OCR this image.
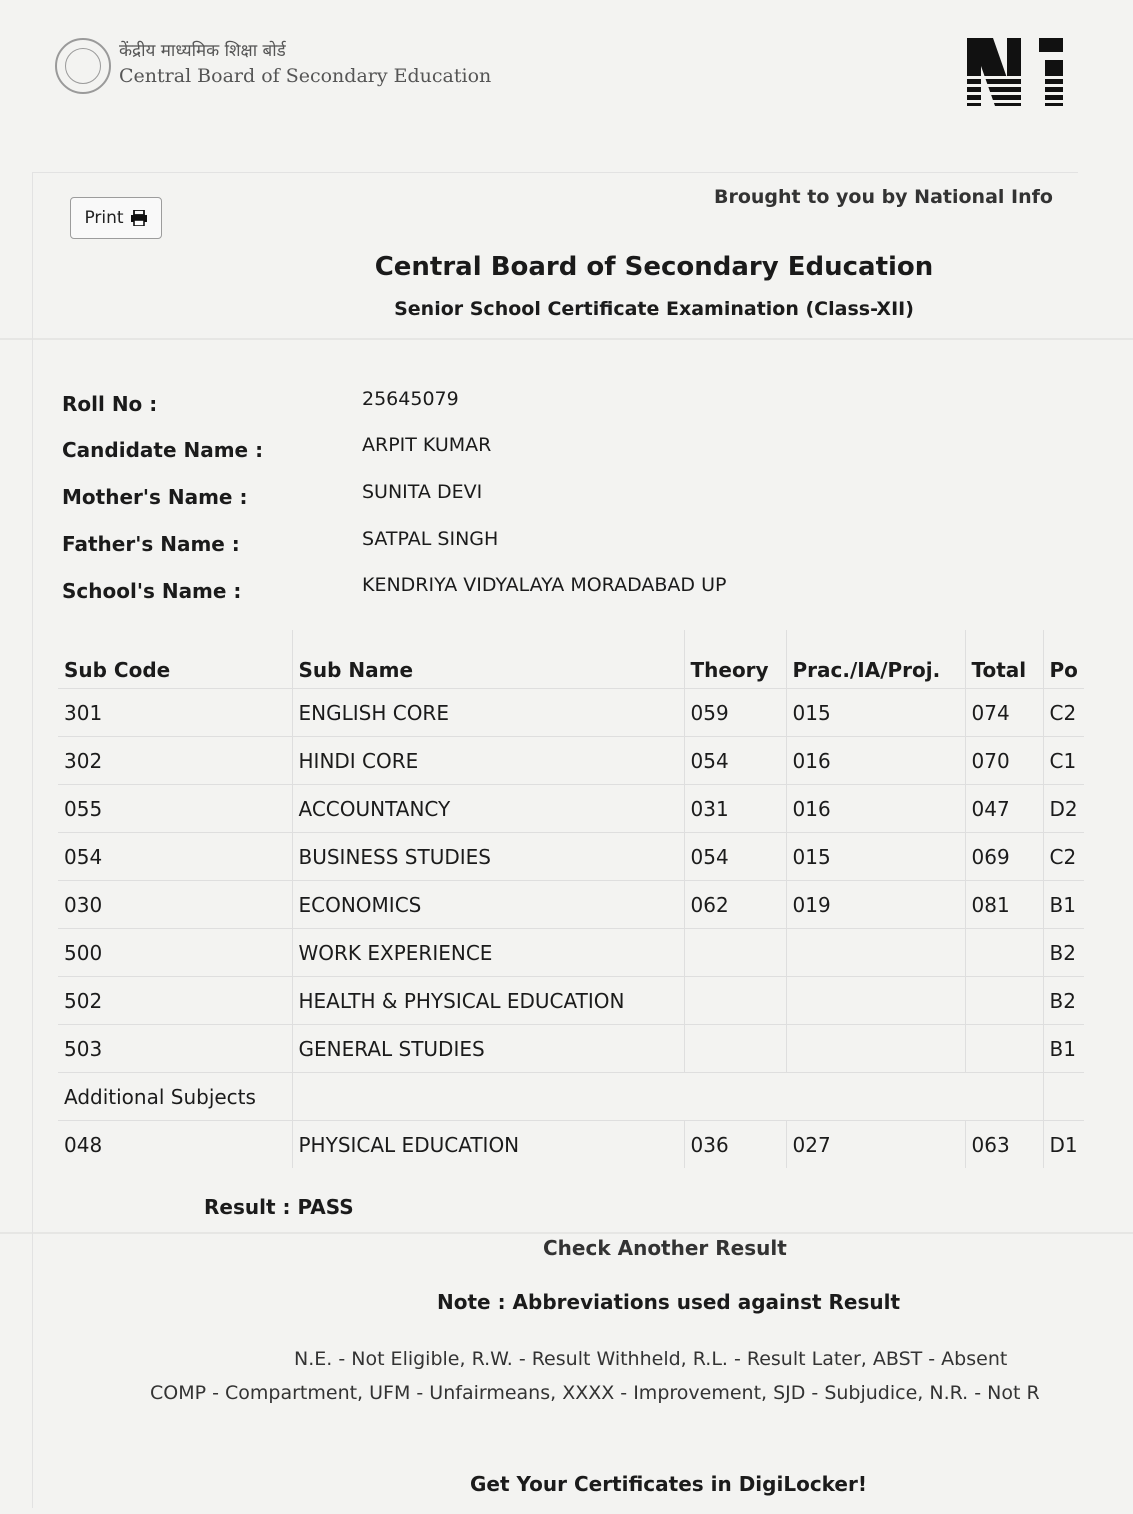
केंद्रीय माध्यमिक शिक्षा बोर्ड
Central Board of Secondary Education
Print
Brought to you by National Info
Central Board of Secondary Education
Senior School Certificate Examination (Class-XII)
Roll No :	25645079
Candidate Name :	ARPIT KUMAR
Mother's Name :	SUNITA DEVI
Father's Name :	SATPAL SINGH
School's Name :	KENDRIYA VIDYALAYA MORADABAD UP
Sub Code	Sub Name	Theory	Prac./IA/Proj.	Total	Po
301	ENGLISH CORE	059	015	074	C2
302	HINDI CORE	054	016	070	C1
055	ACCOUNTANCY	031	016	047	D2
054	BUSINESS STUDIES	054	015	069	C2
030	ECONOMICS	062	019	081	B1
500	WORK EXPERIENCE				B2
502	HEALTH & PHYSICAL EDUCATION				B2
503	GENERAL STUDIES				B1
Additional Subjects					
048	PHYSICAL EDUCATION	036	027	063	D1
Result : PASS
Check Another Result
Note : Abbreviations used against Result
N.E. - Not Eligible, R.W. - Result Withheld, R.L. - Result Later, ABST - Absent
COMP - Compartment, UFM - Unfairmeans, XXXX - Improvement, SJD - Subjudice, N.R. - Not R
Get Your Certificates in DigiLocker!
